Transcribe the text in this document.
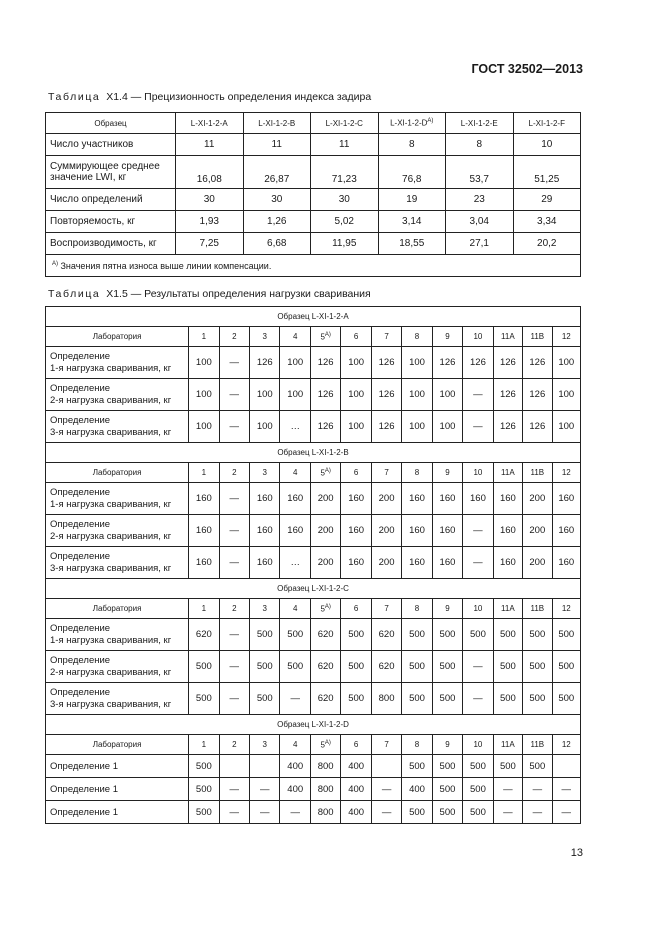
ГОСТ 32502—2013
Таблица Х1.4 — Прецизионность определения индекса задира
Образец	L-XI-1-2-A	L-XI-1-2-B	L-XI-1-2-C	$L-XI-1-2-D^{A)}$	L-XI-1-2-E	L-XI-1-2-F
Число участников	11	11	11	8	8	10
Суммирующее среднее значение LWI, кг	16,08	26,87	71,23	76,8	53,7	51,25
Число определений	30	30	30	19	23	29
Повторяемость, кг	1,93	1,26	5,02	3,14	3,04	3,34
Воспроизводимость, кг	7,25	6,68	11,95	18,55	27,1	20,2
$^{A)}$ Значения пятна износа выше линии компенсации.						
Таблица Х1.5 — Результаты определения нагрузки сваривания
Образец L-XI-1-2-A													
Лаборатория	1	2	3	4	$5^{A)}$	6	7	8	9	10	11A	11B	12

Определение
1-я нагрузка сваривания, кг	100	—	126	100	126	100	126	100	126	126	126	126	100

Определение
2-я нагрузка сваривания, кг	100	—	100	100	126	100	126	100	100	—	126	126	100

Определение
3-я нагрузка сваривания, кг	100	—	100	…	126	100	126	100	100	—	126	126	100
Образец L-XI-1-2-B													
Лаборатория	1	2	3	4	$5^{A)}$	6	7	8	9	10	11A	11B	12

Определение
1-я нагрузка сваривания, кг	160	—	160	160	200	160	200	160	160	160	160	200	160

Определение
2-я нагрузка сваривания, кг	160	—	160	160	200	160	200	160	160	—	160	200	160

Определение
3-я нагрузка сваривания, кг	160	—	160	…	200	160	200	160	160	—	160	200	160
Образец L-XI-1-2-C													
Лаборатория	1	2	3	4	$5^{A)}$	6	7	8	9	10	11A	11B	12

Определение
1-я нагрузка сваривания, кг	620	—	500	500	620	500	620	500	500	500	500	500	500

Определение
2-я нагрузка сваривания, кг	500	—	500	500	620	500	620	500	500	—	500	500	500

Определение
3-я нагрузка сваривания, кг	500	—	500	—	620	500	800	500	500	—	500	500	500
Образец L-XI-1-2-D													
Лаборатория	1	2	3	4	$5^{A)}$	6	7	8	9	10	11A	11B	12
Определение 1	500			400	800	400		500	500	500	500	500	
Определение 1	500	—	—	400	800	400	—	400	500	500	—	—	—
Определение 1	500	—	—	—	800	400	—	500	500	500	—	—	—
13
